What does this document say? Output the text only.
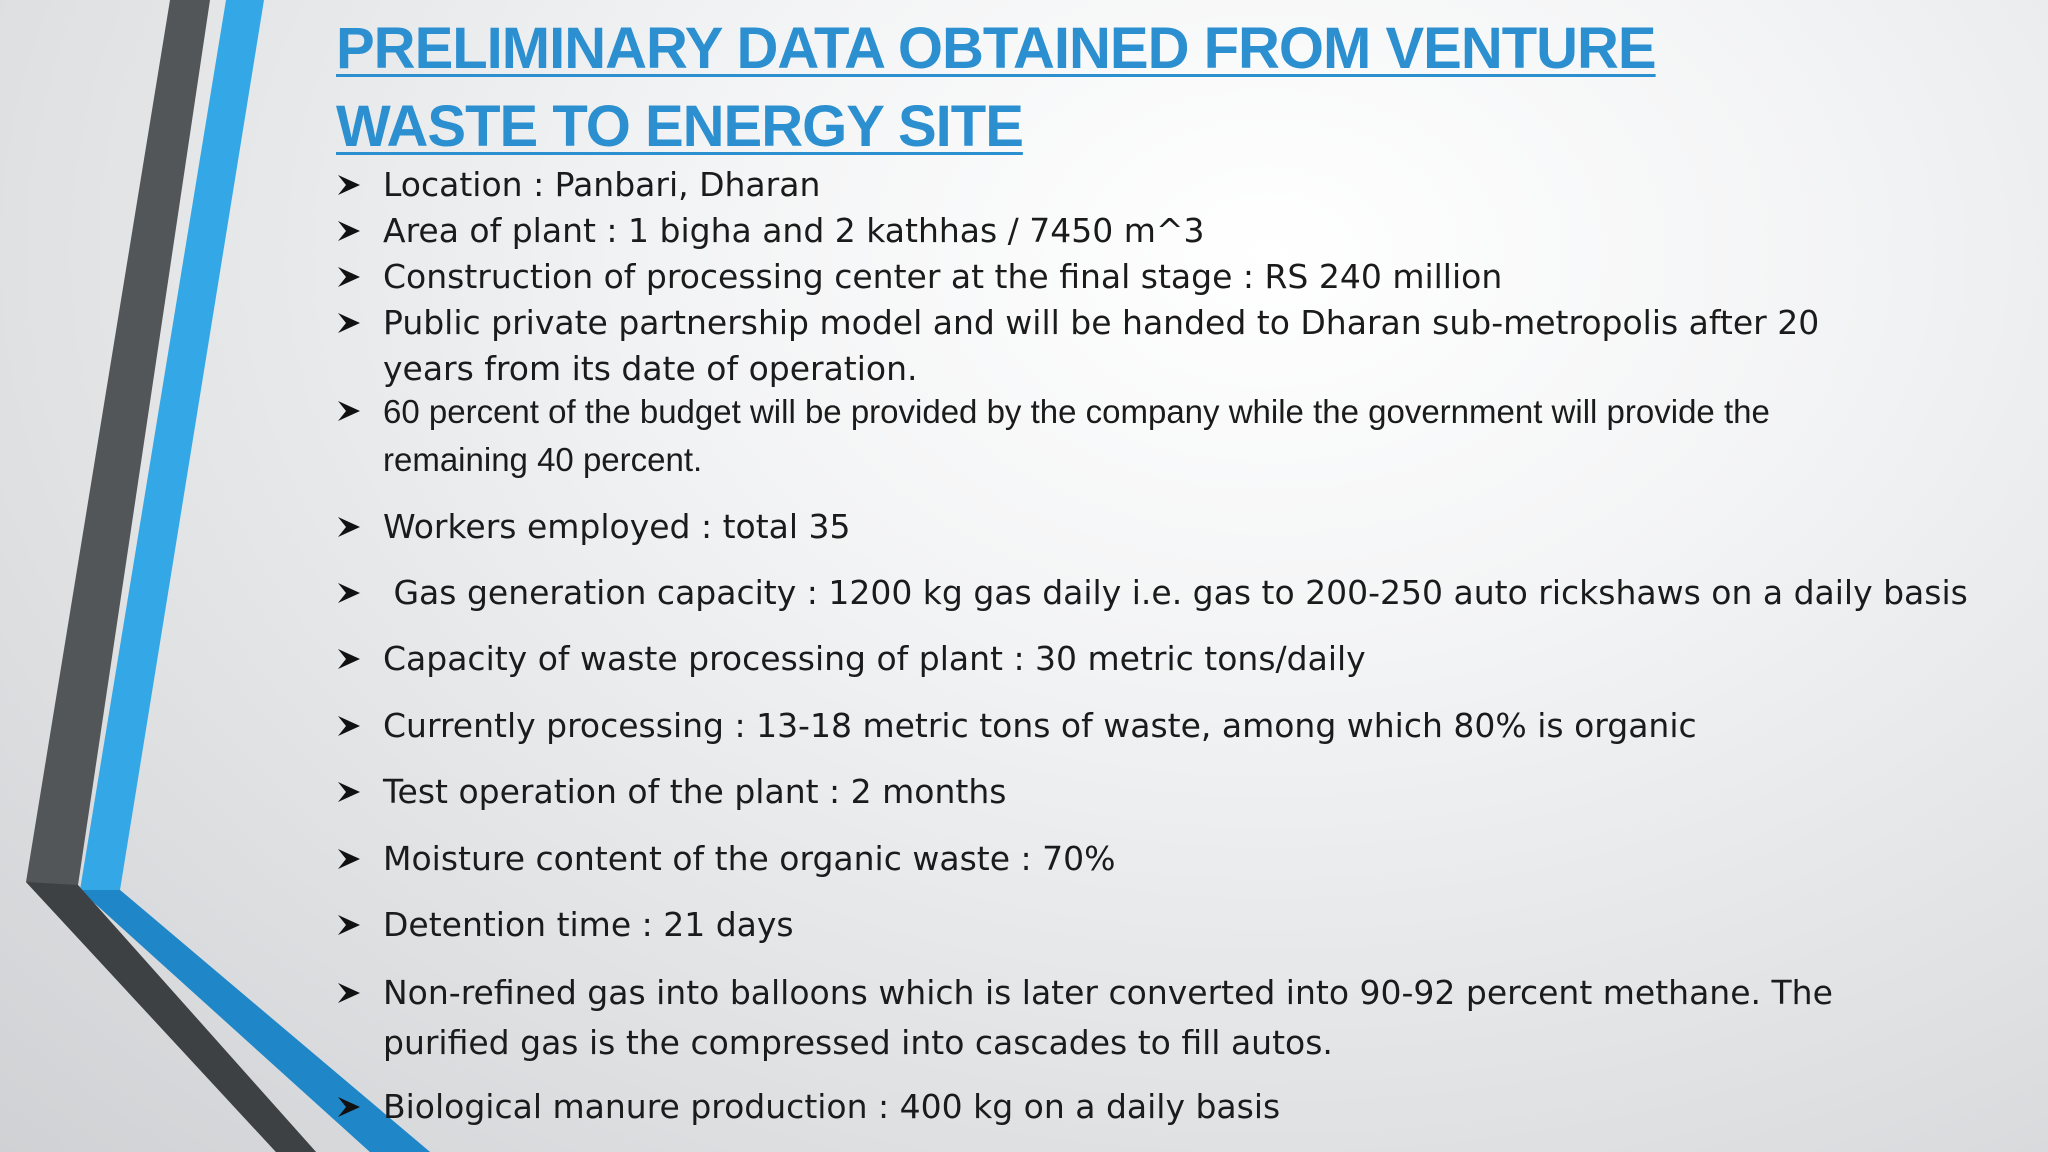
PRELIMINARY DATA OBTAINED FROM VENTURE
WASTE TO ENERGY SITE
Location : Panbari, Dharan
Area of plant : 1 bigha and 2 kathhas / 7450 m^3
Construction of processing center at the final stage : RS 240 million
Public private partnership model and will be handed to Dharan sub-metropolis after 20 years from its date of operation.
60 percent of the budget will be provided by the company while the government will provide the remaining 40 percent.
Workers employed : total 35
Gas generation capacity : 1200 kg gas daily i.e. gas to 200-250 auto rickshaws on a daily basis
Capacity of waste processing of plant : 30 metric tons/daily
Currently processing : 13-18 metric tons of waste, among which 80% is organic
Test operation of the plant : 2 months
Moisture content of the organic waste : 70%
Detention time : 21 days
Non-refined gas into balloons which is later converted into 90-92 percent methane. The purified gas is the compressed into cascades to fill autos.
Biological manure production : 400 kg on a daily basis
